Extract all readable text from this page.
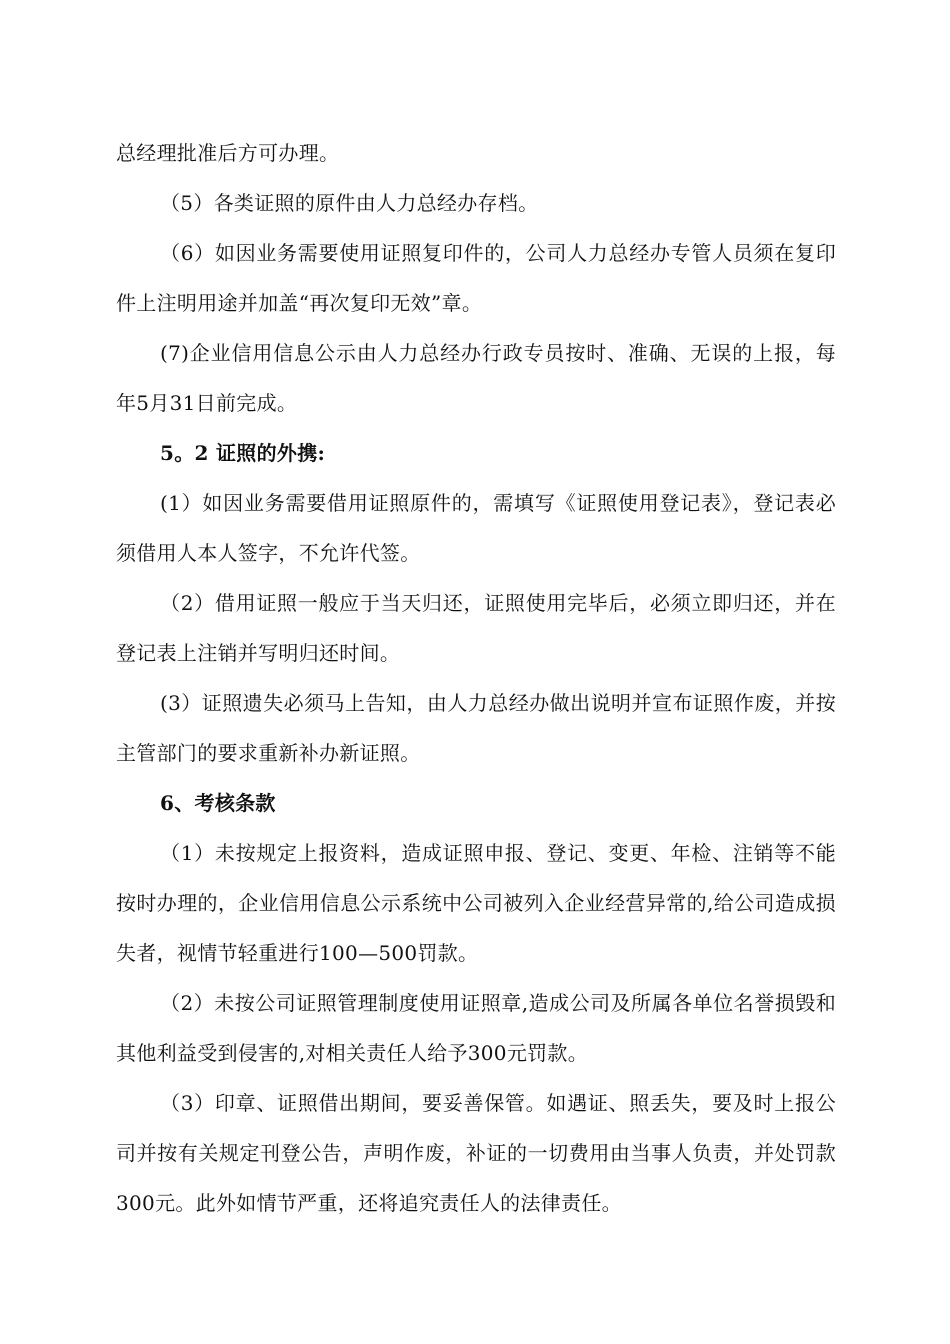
总经理批准后方可办理。

（5）各类证照的原件由人力总经办存档。

（6）如因业务需要使用证照复印件的，公司人力总经办专管人员须在复印件上注明用途并加盖“再次复印无效”章。

(7)企业信用信息公示由人力总经办行政专员按时、准确、无误的上报，每年5月31日前完成。

5。2 证照的外携:

(1）如因业务需要借用证照原件的，需填写《证照使用登记表》，登记表必须借用人本人签字，不允许代签。

（2）借用证照一般应于当天归还，证照使用完毕后，必须立即归还，并在登记表上注销并写明归还时间。

(3）证照遗失必须马上告知，由人力总经办做出说明并宣布证照作废，并按主管部门的要求重新补办新证照。

6、考核条款

（1）未按规定上报资料，造成证照申报、登记、变更、年检、注销等不能按时办理的，企业信用信息公示系统中公司被列入企业经营异常的,给公司造成损失者，视情节轻重进行100—500罚款。

（2）未按公司证照管理制度使用证照章,造成公司及所属各单位名誉损毁和其他利益受到侵害的,对相关责任人给予300元罚款。

（3）印章、证照借出期间，要妥善保管。如遇证、照丢失，要及时上报公司并按有关规定刊登公告，声明作废，补证的一切费用由当事人负责，并处罚款300元。此外如情节严重，还将追究责任人的法律责任。
